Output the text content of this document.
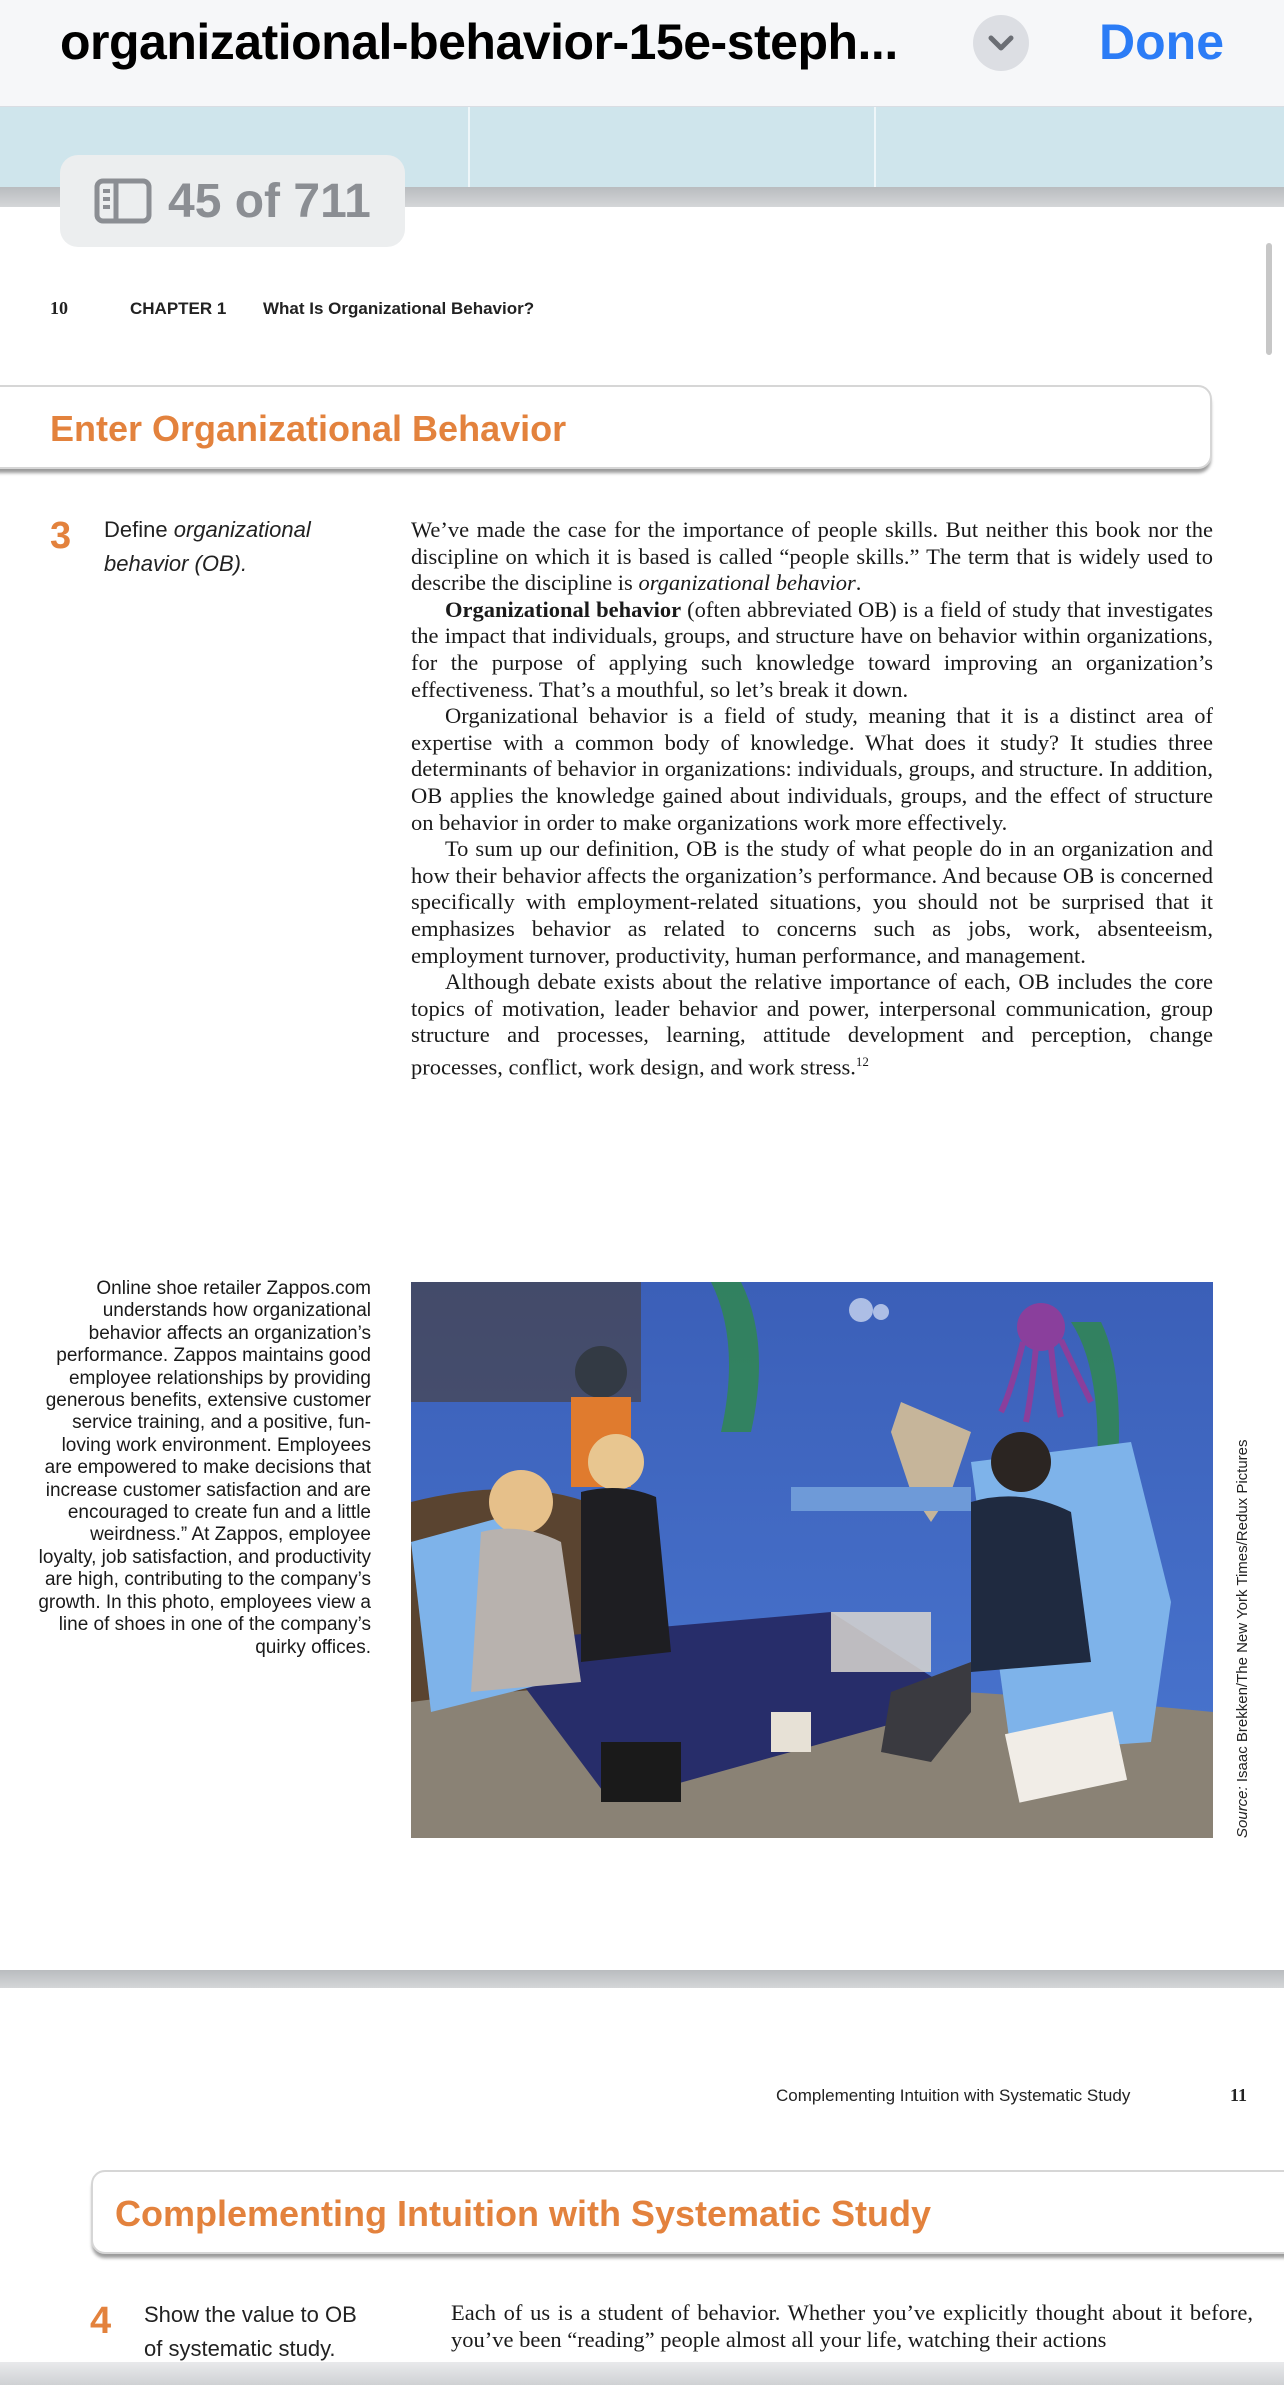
organizational-behavior-15e-steph...	Done
45 of 711
10	CHAPTER 1 What Is Organizational Behavior?
Enter Organizational Behavior
3 Define organizational behavior (OB).

We’ve made the case for the importance of people skills. But neither this book nor the discipline on which it is based is called “people skills.” The term that is widely used to describe the discipline is organizational behavior.

Organizational behavior (often abbreviated OB) is a field of study that investigates the impact that individuals, groups, and structure have on behavior within organizations, for the purpose of applying such knowledge toward improving an organization’s effectiveness. That’s a mouthful, so let’s break it down.

Organizational behavior is a field of study, meaning that it is a distinct area of expertise with a common body of knowledge. What does it study? It studies three determinants of behavior in organizations: individuals, groups, and structure. In addition, OB applies the knowledge gained about individuals, groups, and the effect of structure on behavior in order to make organizations work more effectively.

To sum up our definition, OB is the study of what people do in an organization and how their behavior affects the organization’s performance. And because OB is concerned specifically with employment-related situations, you should not be surprised that it emphasizes behavior as related to concerns such as jobs, work, absenteeism, employment turnover, productivity, human performance, and management.

Although debate exists about the relative importance of each, OB includes the core topics of motivation, leader behavior and power, interpersonal communication, group structure and processes, learning, attitude development and perception, change processes, conflict, work design, and work stress.$^{12}$

Online shoe retailer Zappos.com understands how organizational behavior affects an organization’s performance. Zappos maintains good employee relationships by providing generous benefits, extensive customer service training, and a positive, fun-loving work environment. Employees are empowered to make decisions that increase customer satisfaction and are encouraged to create fun and a little weirdness.” At Zappos, employee loyalty, job satisfaction, and productivity are high, contributing to the company’s growth. In this photo, employees view a line of shoes in one of the company’s quirky offices.
Source: Isaac Brekken/The New York Times/Redux Pictures
Complementing Intuition with Systematic Study	11
Complementing Intuition with Systematic Study
4 Show the value to OB of systematic study.

Each of us is a student of behavior. Whether you’ve explicitly thought about it before, you’ve been “reading” people almost all your life, watching their actions
